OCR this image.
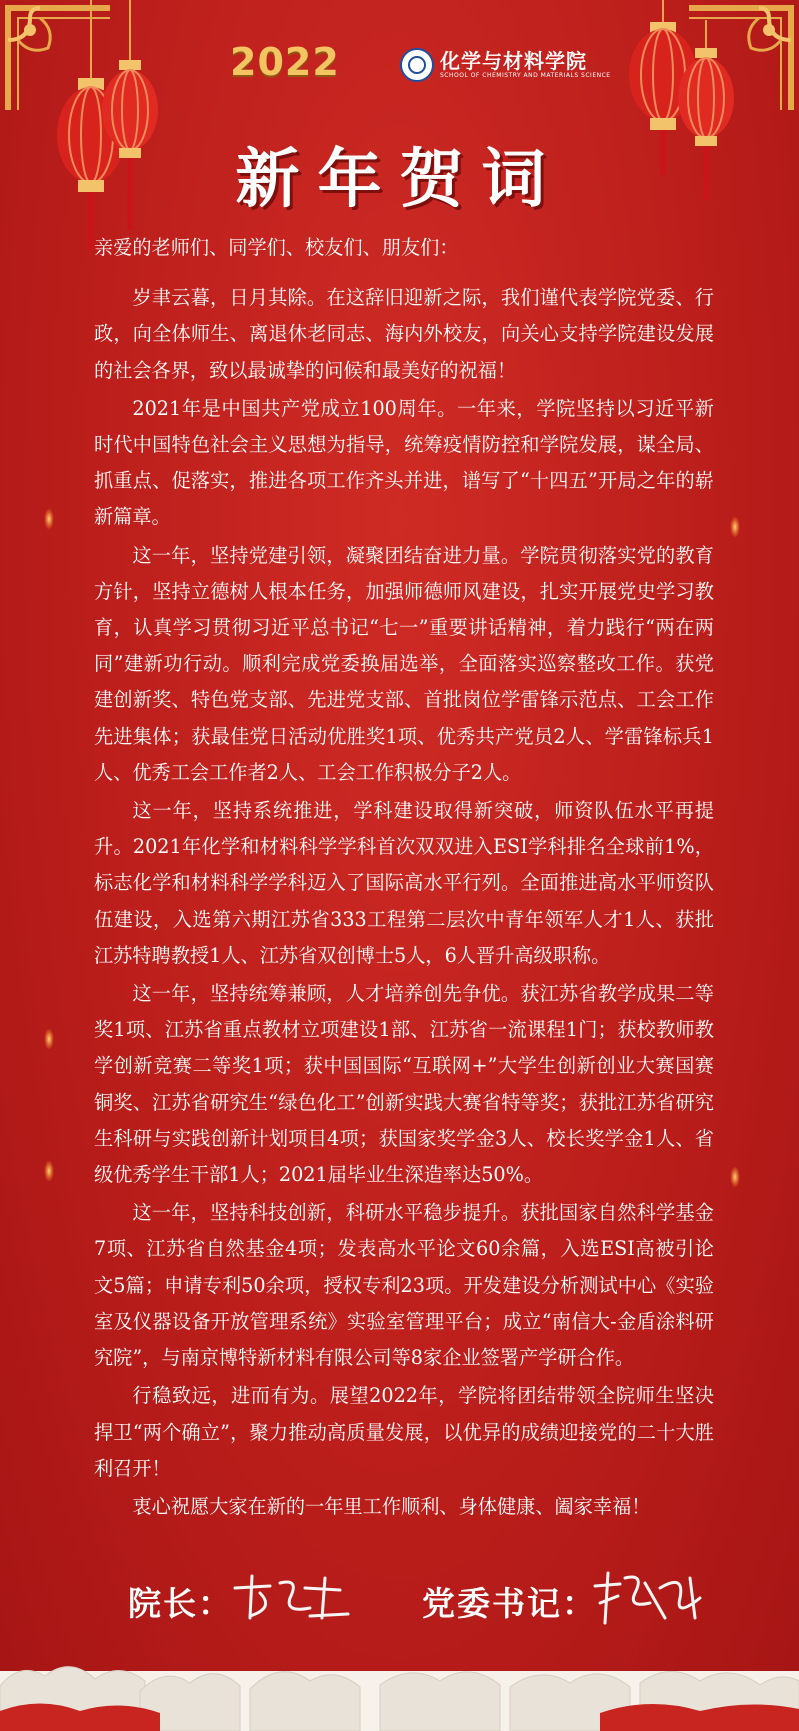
2022	化学与材料学院
SCHOOL OF CHEMISTRY AND MATERIALS SCIENCE
新年贺词

亲爱的老师们、同学们、校友们、朋友们：

岁聿云暮，日月其除。在这辞旧迎新之际，我们谨代表学院党委、行政，向全体师生、离退休老同志、海内外校友，向关心支持学院建设发展的社会各界，致以最诚挚的问候和最美好的祝福！

2021年是中国共产党成立100周年。一年来，学院坚持以习近平新时代中国特色社会主义思想为指导，统筹疫情防控和学院发展，谋全局、抓重点、促落实，推进各项工作齐头并进，谱写了“十四五”开局之年的崭新篇章。

这一年，坚持党建引领，凝聚团结奋进力量。学院贯彻落实党的教育方针，坚持立德树人根本任务，加强师德师风建设，扎实开展党史学习教育，认真学习贯彻习近平总书记“七一”重要讲话精神，着力践行“两在两同”建新功行动。顺利完成党委换届选举，全面落实巡察整改工作。获党建创新奖、特色党支部、先进党支部、首批岗位学雷锋示范点、工会工作先进集体；获最佳党日活动优胜奖1项、优秀共产党员2人、学雷锋标兵1人、优秀工会工作者2人、工会工作积极分子2人。

这一年，坚持系统推进，学科建设取得新突破，师资队伍水平再提升。2021年化学和材料科学学科首次双双进入ESI学科排名全球前1%，标志化学和材料科学学科迈入了国际高水平行列。全面推进高水平师资队伍建设，入选第六期江苏省333工程第二层次中青年领军人才1人、获批江苏特聘教授1人、江苏省双创博士5人，6人晋升高级职称。

这一年，坚持统筹兼顾，人才培养创先争优。获江苏省教学成果二等奖1项、江苏省重点教材立项建设1部、江苏省一流课程1门；获校教师教学创新竞赛二等奖1项；获中国国际“互联网+”大学生创新创业大赛国赛铜奖、江苏省研究生“绿色化工”创新实践大赛省特等奖；获批江苏省研究生科研与实践创新计划项目4项；获国家奖学金3人、校长奖学金1人、省级优秀学生干部1人；2021届毕业生深造率达50%。

这一年，坚持科技创新，科研水平稳步提升。获批国家自然科学基金7项、江苏省自然基金4项；发表高水平论文60余篇，入选ESI高被引论文5篇；申请专利50余项，授权专利23项。开发建设分析测试中心《实验室及仪器设备开放管理系统》实验室管理平台；成立“南信大-金盾涂料研究院”，与南京博特新材料有限公司等8家企业签署产学研合作。

行稳致远，进而有为。展望2022年，学院将团结带领全院师生坚决捍卫“两个确立”，聚力推动高质量发展，以优异的成绩迎接党的二十大胜利召开！

衷心祝愿大家在新的一年里工作顺利、身体健康、阖家幸福！

院长：	党委书记：
